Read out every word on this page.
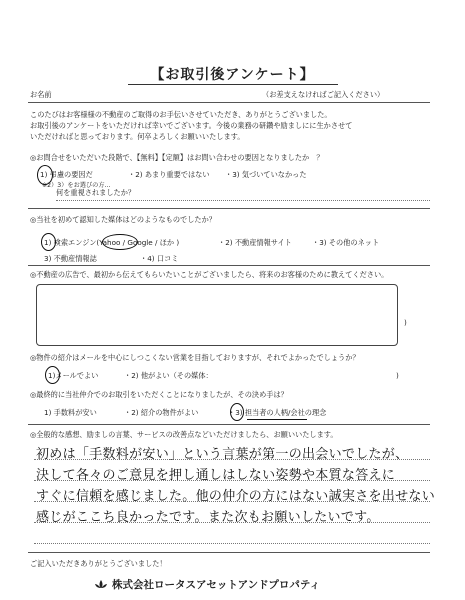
【お取引後アンケート】
お名前	（お差支えなければご記入ください）
このたびはお客様様の不動産のご取得のお手伝いさせていただき、ありがとうございました。
お取引後のアンケートをいただければ幸いでございます。今後の業務の研鑽や励ましにに生かさせて
いただければと思っております。何卒よろしくお願いいたします。
◎お問合せをいただいた段階で、【無料】【定額】はお問い合わせの要因となりましたか　？
1) 弔慮の要因だ
※2）3）をお選びの方…
・2) あまり重要ではない ・3) 気づいていなかった
何を重視されましたか？
◎当社を初めて認知した媒体はどのようなものでしたか？
1) 検索エンジン(Yahoo / Google / ほか )	・2) 不動産情報サイト	・3) その他のネット
3) 不動産情報誌	・4) 口コミ
◎不動産の広告で、最初から伝えてもらいたいことがございましたら、将来のお客様のために教えてください。
)
◎物件の紹介はメールを中心にしつこくない営業を目指しておりますが、それでよかったでしょうか？
1)メールでよい	・2) 他がよい（その媒体：	)
◎最終的に当社仲介でのお取引をいただくことになりましたが、その決め手は？
1) 手数料が安い	・2) 紹介の物件がよい	・3) 担当者の人柄/会社の理念
◎全般的な感想、励ましの言葉、サービスの改善点などいただけましたら、お願いいたします。
初めは「手数料が安い」という言葉が第一の出会いでしたが、
決して各々のご意見を押し通しはしない姿勢や本質な答えに
すぐに信頼を感じました。他の仲介の方にはない誠実さを出せない
感じがここち良かったです。また次もお願いしたいです。
ご記入いただきありがとうございました！
株式会社ロータスアセットアンドプロパティ
